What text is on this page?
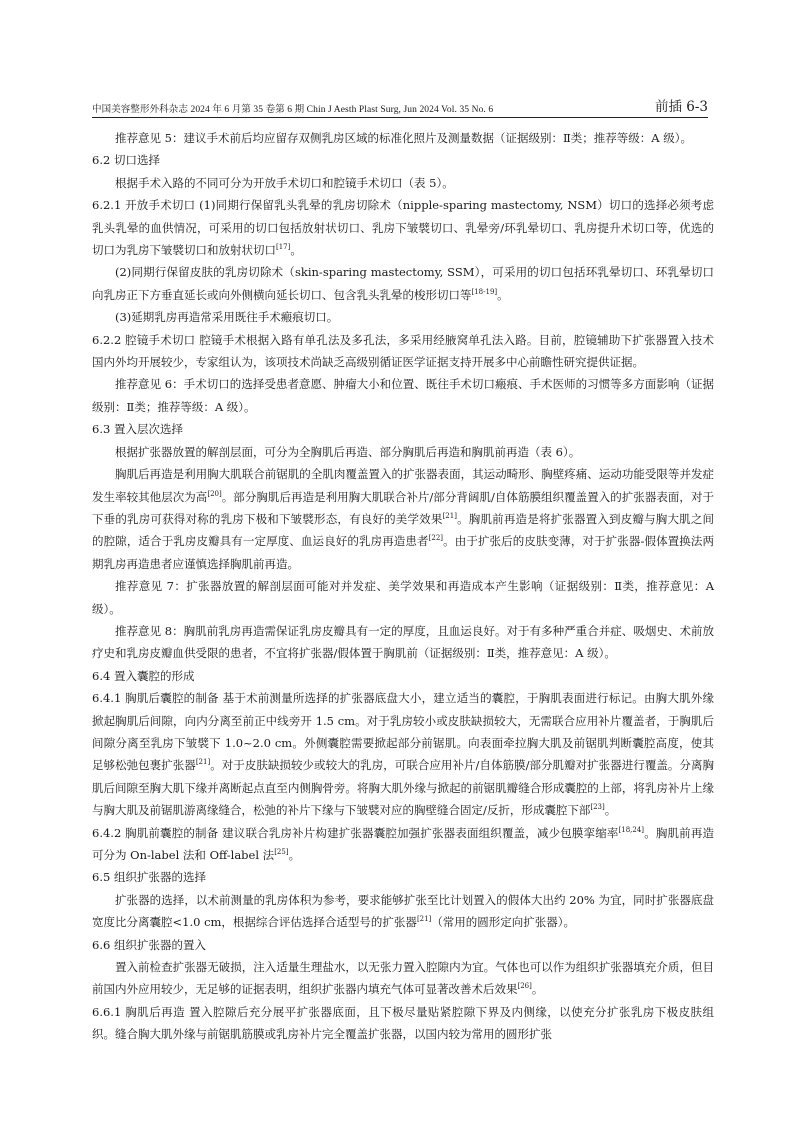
中国美容整形外科杂志 2024 年 6 月第 35 卷第 6 期 Chin J Aesth Plast Surg, Jun 2024 Vol. 35 No. 6	前插 6-3

推荐意见 5：建议手术前后均应留存双侧乳房区域的标准化照片及测量数据（证据级别：Ⅱ类；推荐等级：A 级）。

6.2 切口选择

根据手术入路的不同可分为开放手术切口和腔镜手术切口（表 5）。

6.2.1 开放手术切口 (1)同期行保留乳头乳晕的乳房切除术（nipple-sparing mastectomy, NSM）切口的选择必须考虑乳头乳晕的血供情况，可采用的切口包括放射状切口、乳房下皱襞切口、乳晕旁/环乳晕切口、乳房提升术切口等，优选的切口为乳房下皱襞切口和放射状切口[17]。

(2)同期行保留皮肤的乳房切除术（skin-sparing mastectomy, SSM），可采用的切口包括环乳晕切口、环乳晕切口向乳房正下方垂直延长或向外侧横向延长切口、包含乳头乳晕的梭形切口等[18-19]。

(3)延期乳房再造常采用既往手术瘢痕切口。

6.2.2 腔镜手术切口 腔镜手术根据入路有单孔法及多孔法，多采用经腋窝单孔法入路。目前，腔镜辅助下扩张器置入技术国内外均开展较少，专家组认为，该项技术尚缺乏高级别循证医学证据支持开展多中心前瞻性研究提供证据。

推荐意见 6：手术切口的选择受患者意愿、肿瘤大小和位置、既往手术切口瘢痕、手术医师的习惯等多方面影响（证据级别：Ⅱ类；推荐等级：A 级）。

6.3 置入层次选择

根据扩张器放置的解剖层面，可分为全胸肌后再造、部分胸肌后再造和胸肌前再造（表 6）。

胸肌后再造是利用胸大肌联合前锯肌的全肌肉覆盖置入的扩张器表面，其运动畸形、胸壁疼痛、运动功能受限等并发症发生率较其他层次为高[20]。部分胸肌后再造是利用胸大肌联合补片/部分背阔肌/自体筋膜组织覆盖置入的扩张器表面，对于下垂的乳房可获得对称的乳房下极和下皱襞形态，有良好的美学效果[21]。胸肌前再造是将扩张器置入到皮瓣与胸大肌之间的腔隙，适合于乳房皮瓣具有一定厚度、血运良好的乳房再造患者[22]。由于扩张后的皮肤变薄，对于扩张器-假体置换法两期乳房再造患者应谨慎选择胸肌前再造。

推荐意见 7：扩张器放置的解剖层面可能对并发症、美学效果和再造成本产生影响（证据级别：Ⅱ类，推荐意见：A 级）。

推荐意见 8：胸肌前乳房再造需保证乳房皮瓣具有一定的厚度，且血运良好。对于有多种严重合并症、吸烟史、术前放疗史和乳房皮瓣血供受限的患者，不宜将扩张器/假体置于胸肌前（证据级别：Ⅱ类，推荐意见：A 级）。

6.4 置入囊腔的形成

6.4.1 胸肌后囊腔的制备 基于术前测量所选择的扩张器底盘大小，建立适当的囊腔，于胸肌表面进行标记。由胸大肌外缘掀起胸肌后间隙，向内分离至前正中线旁开 1.5 cm。对于乳房较小或皮肤缺损较大，无需联合应用补片覆盖者，于胸肌后间隙分离至乳房下皱襞下 1.0~2.0 cm。外侧囊腔需要掀起部分前锯肌。向表面牵拉胸大肌及前锯肌判断囊腔高度，使其足够松弛包裹扩张器[21]。对于皮肤缺损较少或较大的乳房，可联合应用补片/自体筋膜/部分肌瓣对扩张器进行覆盖。分离胸肌后间隙至胸大肌下缘并离断起点直至内侧胸骨旁。将胸大肌外缘与掀起的前锯肌瓣缝合形成囊腔的上部，将乳房补片上缘与胸大肌及前锯肌游离缘缝合，松弛的补片下缘与下皱襞对应的胸壁缝合固定/反折，形成囊腔下部[23]。

6.4.2 胸肌前囊腔的制备 建议联合乳房补片构建扩张器囊腔加强扩张器表面组织覆盖，减少包膜挛缩率[18,24]。胸肌前再造可分为 On-label 法和 Off-label 法[25]。

6.5 组织扩张器的选择

扩张器的选择，以术前测量的乳房体积为参考，要求能够扩张至比计划置入的假体大出约 20% 为宜，同时扩张器底盘宽度比分离囊腔<1.0 cm，根据综合评估选择合适型号的扩张器[21]（常用的圆形定向扩张器）。

6.6 组织扩张器的置入

置入前检查扩张器无破损，注入适量生理盐水，以无张力置入腔隙内为宜。气体也可以作为组织扩张器填充介质，但目前国内外应用较少，无足够的证据表明，组织扩张器内填充气体可显著改善术后效果[26]。

6.6.1 胸肌后再造 置入腔隙后充分展平扩张器底面，且下极尽量贴紧腔隙下界及内侧缘，以使充分扩张乳房下极皮肤组织。缝合胸大肌外缘与前锯肌筋膜或乳房补片完全覆盖扩张器，以国内较为常用的圆形扩张
